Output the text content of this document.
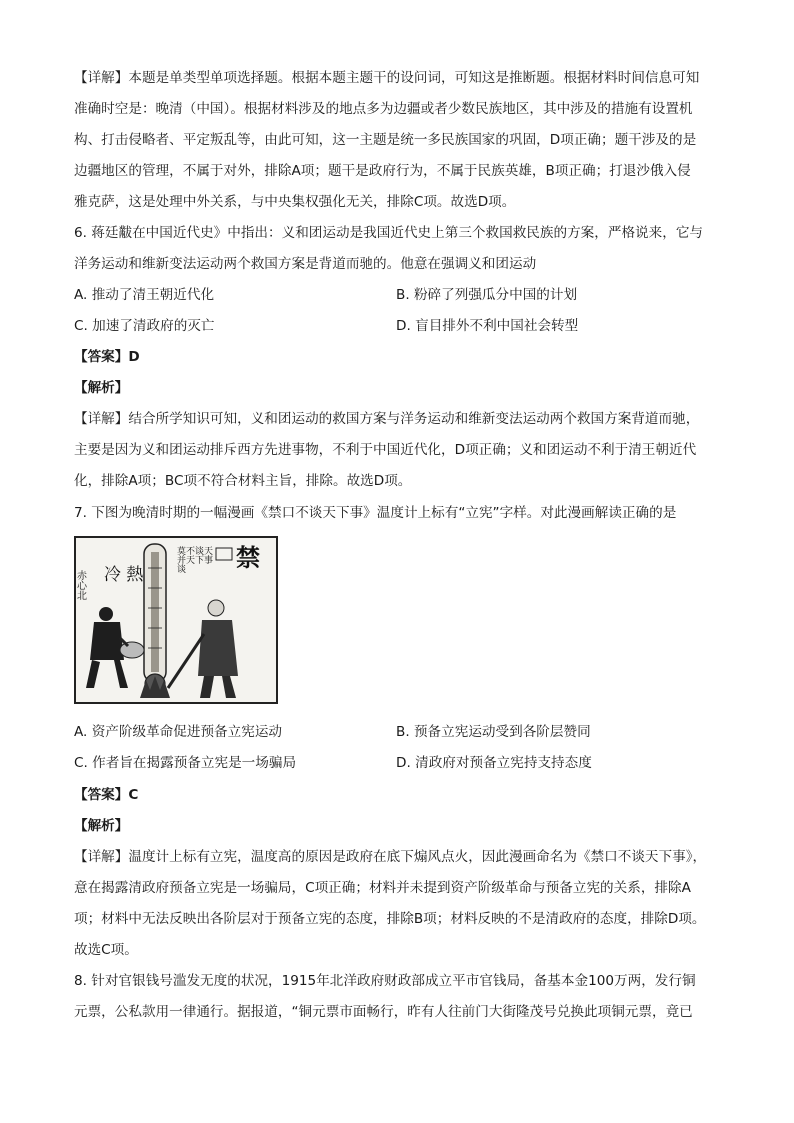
【详解】本题是单类型单项选择题。根据本题主题干的设问词，可知这是推断题。根据材料时间信息可知
准确时空是：晚清（中国）。根据材料涉及的地点多为边疆或者少数民族地区，其中涉及的措施有设置机
构、打击侵略者、平定叛乱等，由此可知，这一主题是统一多民族国家的巩固，D项正确；题干涉及的是
边疆地区的管理，不属于对外，排除A项；题干是政府行为，不属于民族英雄，B项正确；打退沙俄入侵
雅克萨，这是处理中外关系，与中央集权强化无关，排除C项。故选D项。
6. 蒋廷黻在中国近代史》中指出：义和团运动是我国近代史上第三个救国救民族的方案，严格说来，它与
洋务运动和维新变法运动两个救国方案是背道而驰的。他意在强调义和团运动
A. 推动了清王朝近代化	B. 粉碎了列强瓜分中国的计划
C. 加速了清政府的灭亡	D. 盲目排外不利中国社会转型
【答案】D
【解析】
【详解】结合所学知识可知，义和团运动的救国方案与洋务运动和维新变法运动两个救国方案背道而驰，
主要是因为义和团运动排斥西方先进事物，不利于中国近代化，D项正确；义和团运动不利于清王朝近代
化，排除A项；BC项不符合材料主旨，排除。故选D项。
7. 下图为晚清时期的一幅漫画《禁口不谈天下事》温度计上标有“立宪”字样。对此漫画解读正确的是
冷 熱
赤心北
莫并谈 不天 谈下 天事 禁
A. 资产阶级革命促进预备立宪运动	B. 预备立宪运动受到各阶层赞同
C. 作者旨在揭露预备立宪是一场骗局	D. 清政府对预备立宪持支持态度
【答案】C
【解析】
【详解】温度计上标有立宪，温度高的原因是政府在底下煽风点火，因此漫画命名为《禁口不谈天下事》，
意在揭露清政府预备立宪是一场骗局，C项正确；材料并未提到资产阶级革命与预备立宪的关系，排除A
项；材料中无法反映出各阶层对于预备立宪的态度，排除B项；材料反映的不是清政府的态度，排除D项。
故选C项。
8. 针对官银钱号滥发无度的状况，1915年北洋政府财政部成立平市官钱局，备基本金100万两，发行铜
元票，公私款用一律通行。据报道，“铜元票市面畅行，昨有人往前门大街隆茂号兑换此项铜元票，竟已
